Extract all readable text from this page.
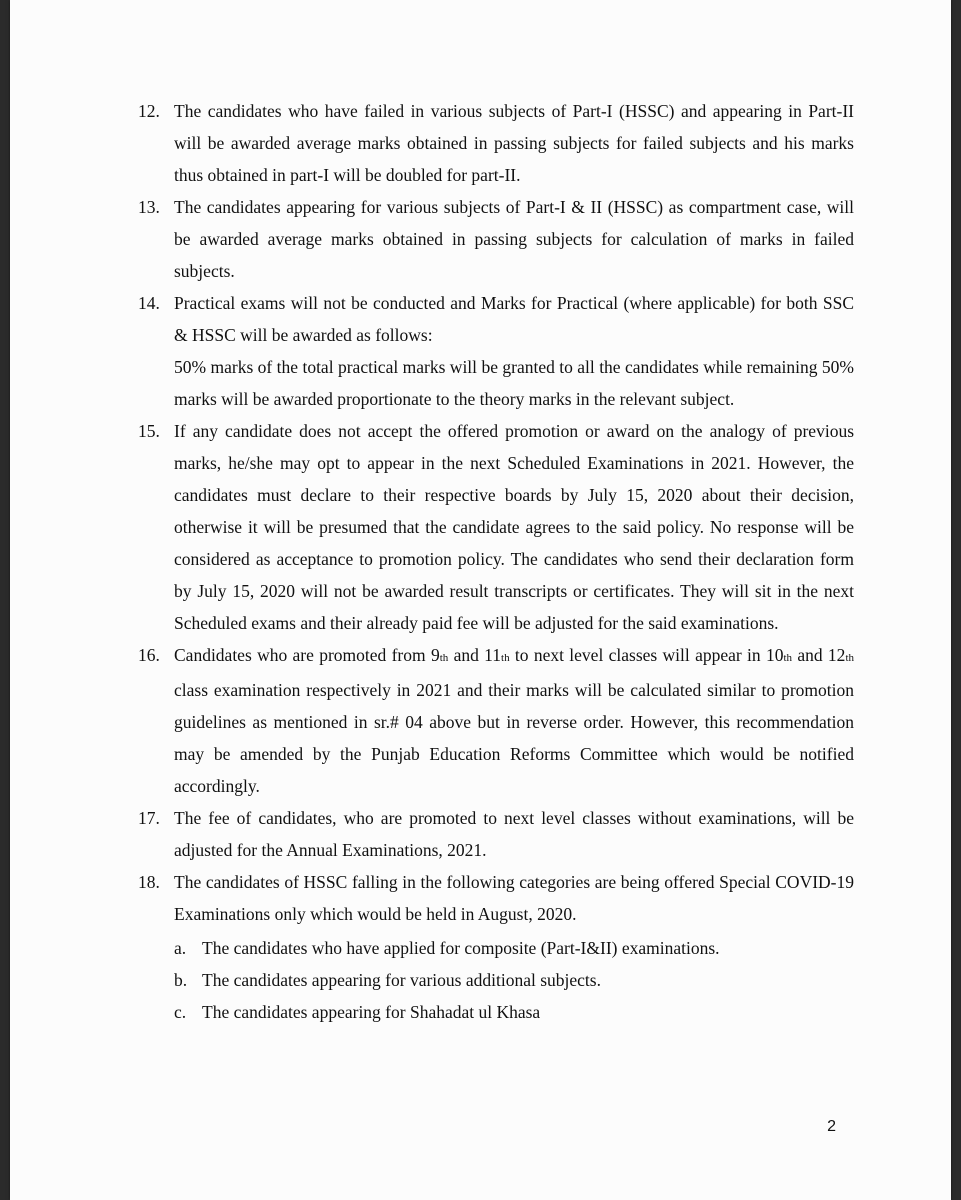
12. The candidates who have failed in various subjects of Part-I (HSSC) and appearing in Part-II will be awarded average marks obtained in passing subjects for failed subjects and his marks thus obtained in part-I will be doubled for part-II.

13. The candidates appearing for various subjects of Part-I & II (HSSC) as compartment case, will be awarded average marks obtained in passing subjects for calculation of marks in failed subjects.

14. Practical exams will not be conducted and Marks for Practical (where applicable) for both SSC & HSSC will be awarded as follows:

50% marks of the total practical marks will be granted to all the candidates while remaining 50% marks will be awarded proportionate to the theory marks in the relevant subject.

15. If any candidate does not accept the offered promotion or award on the analogy of previous marks, he/she may opt to appear in the next Scheduled Examinations in 2021. However, the candidates must declare to their respective boards by July 15, 2020 about their decision, otherwise it will be presumed that the candidate agrees to the said policy. No response will be considered as acceptance to promotion policy. The candidates who send their declaration form by July 15, 2020 will not be awarded result transcripts or certificates. They will sit in the next Scheduled exams and their already paid fee will be adjusted for the said examinations.

16. Candidates who are promoted from 9th and 11th to next level classes will appear in 10th and 12th class examination respectively in 2021 and their marks will be calculated similar to promotion guidelines as mentioned in sr.# 04 above but in reverse order. However, this recommendation may be amended by the Punjab Education Reforms Committee which would be notified accordingly.

17. The fee of candidates, who are promoted to next level classes without examinations, will be adjusted for the Annual Examinations, 2021.

18. The candidates of HSSC falling in the following categories are being offered Special COVID-19 Examinations only which would be held in August, 2020.

a. The candidates who have applied for composite (Part-I&II) examinations.
b. The candidates appearing for various additional subjects.
c. The candidates appearing for Shahadat ul Khasa
2
